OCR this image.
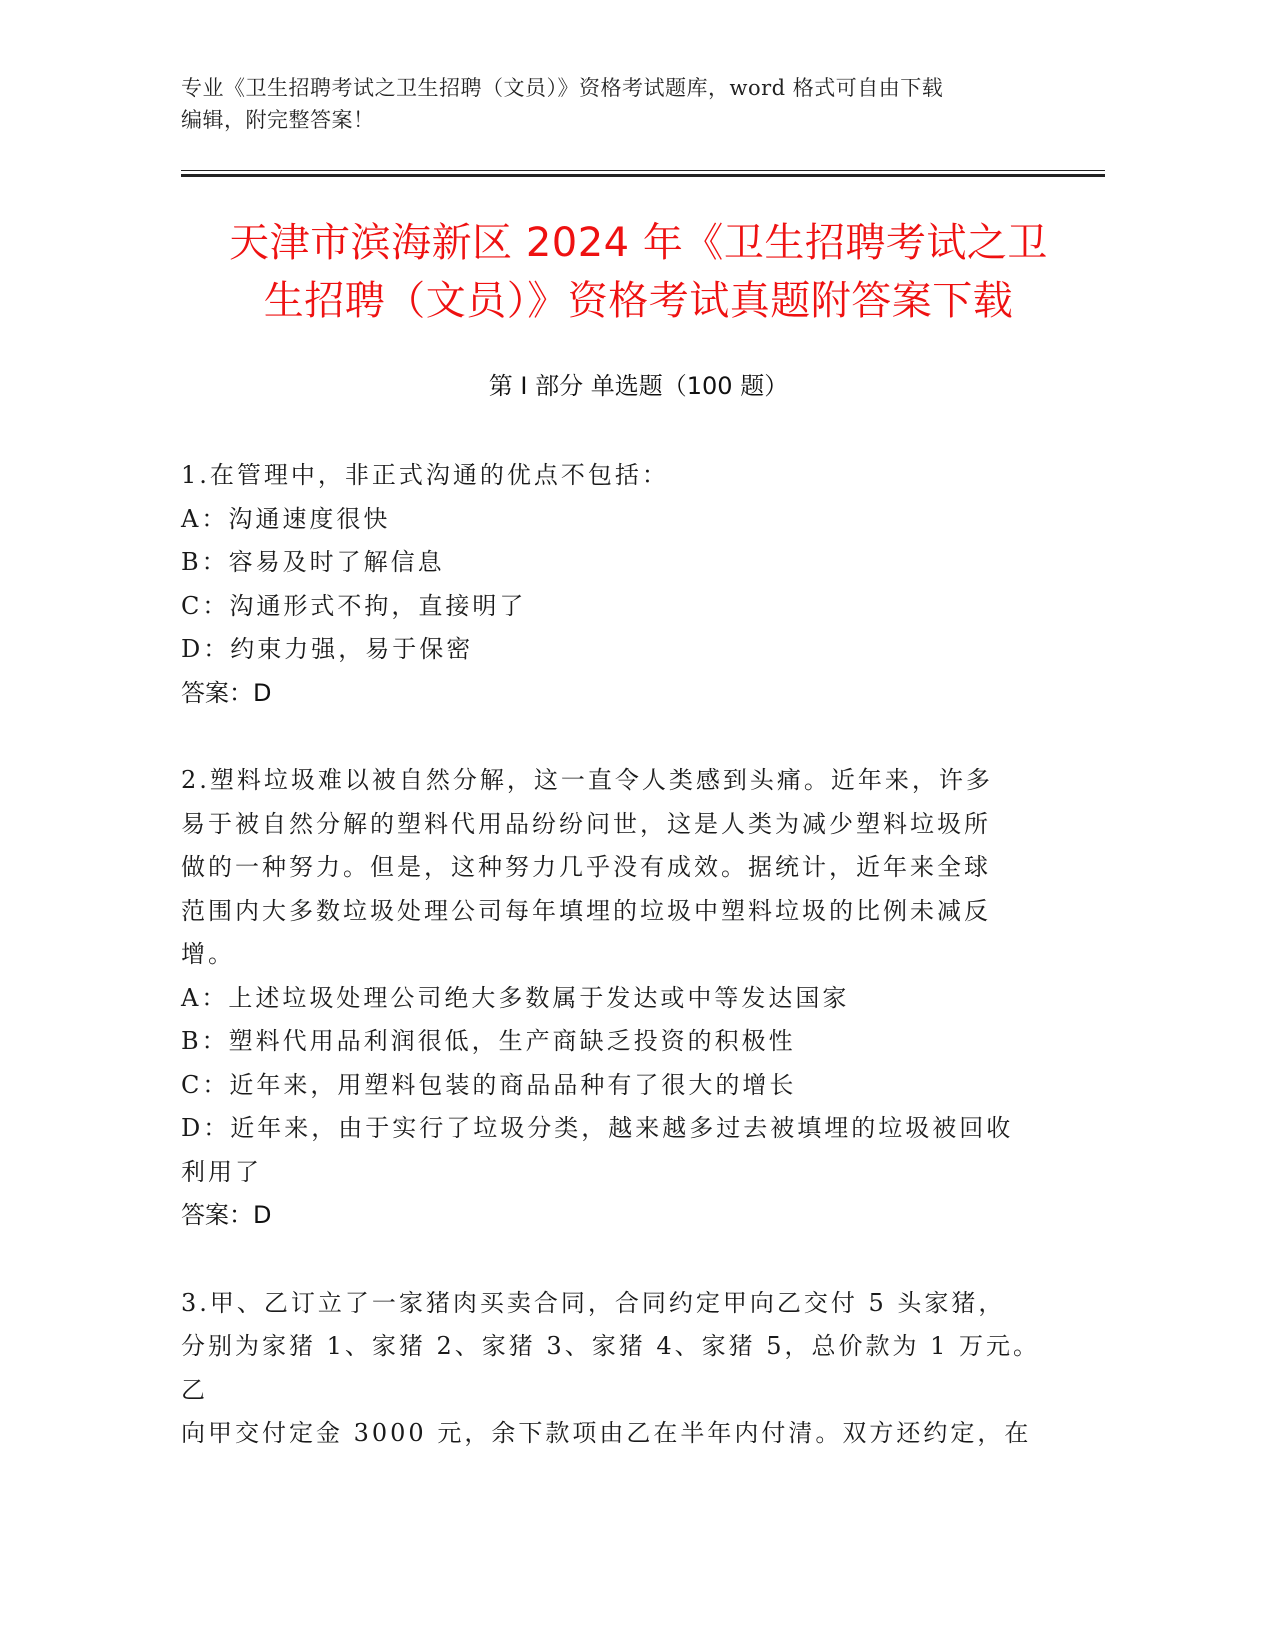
专业《卫生招聘考试之卫生招聘（文员）》资格考试题库，word 格式可自由下载
编辑，附完整答案！
天津市滨海新区 2024 年《卫生招聘考试之卫
生招聘（文员）》资格考试真题附答案下载
第 I 部分 单选题（100 题）

1.在管理中，非正式沟通的优点不包括：

A：沟通速度很快

B：容易及时了解信息

C：沟通形式不拘，直接明了

D：约束力强，易于保密

答案：D

2.塑料垃圾难以被自然分解，这一直令人类感到头痛。近年来，许多

易于被自然分解的塑料代用品纷纷问世，这是人类为减少塑料垃圾所

做的一种努力。但是，这种努力几乎没有成效。据统计，近年来全球

范围内大多数垃圾处理公司每年填埋的垃圾中塑料垃圾的比例未减反

增。

A：上述垃圾处理公司绝大多数属于发达或中等发达国家

B：塑料代用品利润很低，生产商缺乏投资的积极性

C：近年来，用塑料包装的商品品种有了很大的增长

D：近年来，由于实行了垃圾分类，越来越多过去被填埋的垃圾被回收

利用了

答案：D

3.甲、乙订立了一家猪肉买卖合同，合同约定甲向乙交付 5 头家猪，

分别为家猪 1、家猪 2、家猪 3、家猪 4、家猪 5，总价款为 1 万元。乙

向甲交付定金 3000 元，余下款项由乙在半年内付清。双方还约定，在
